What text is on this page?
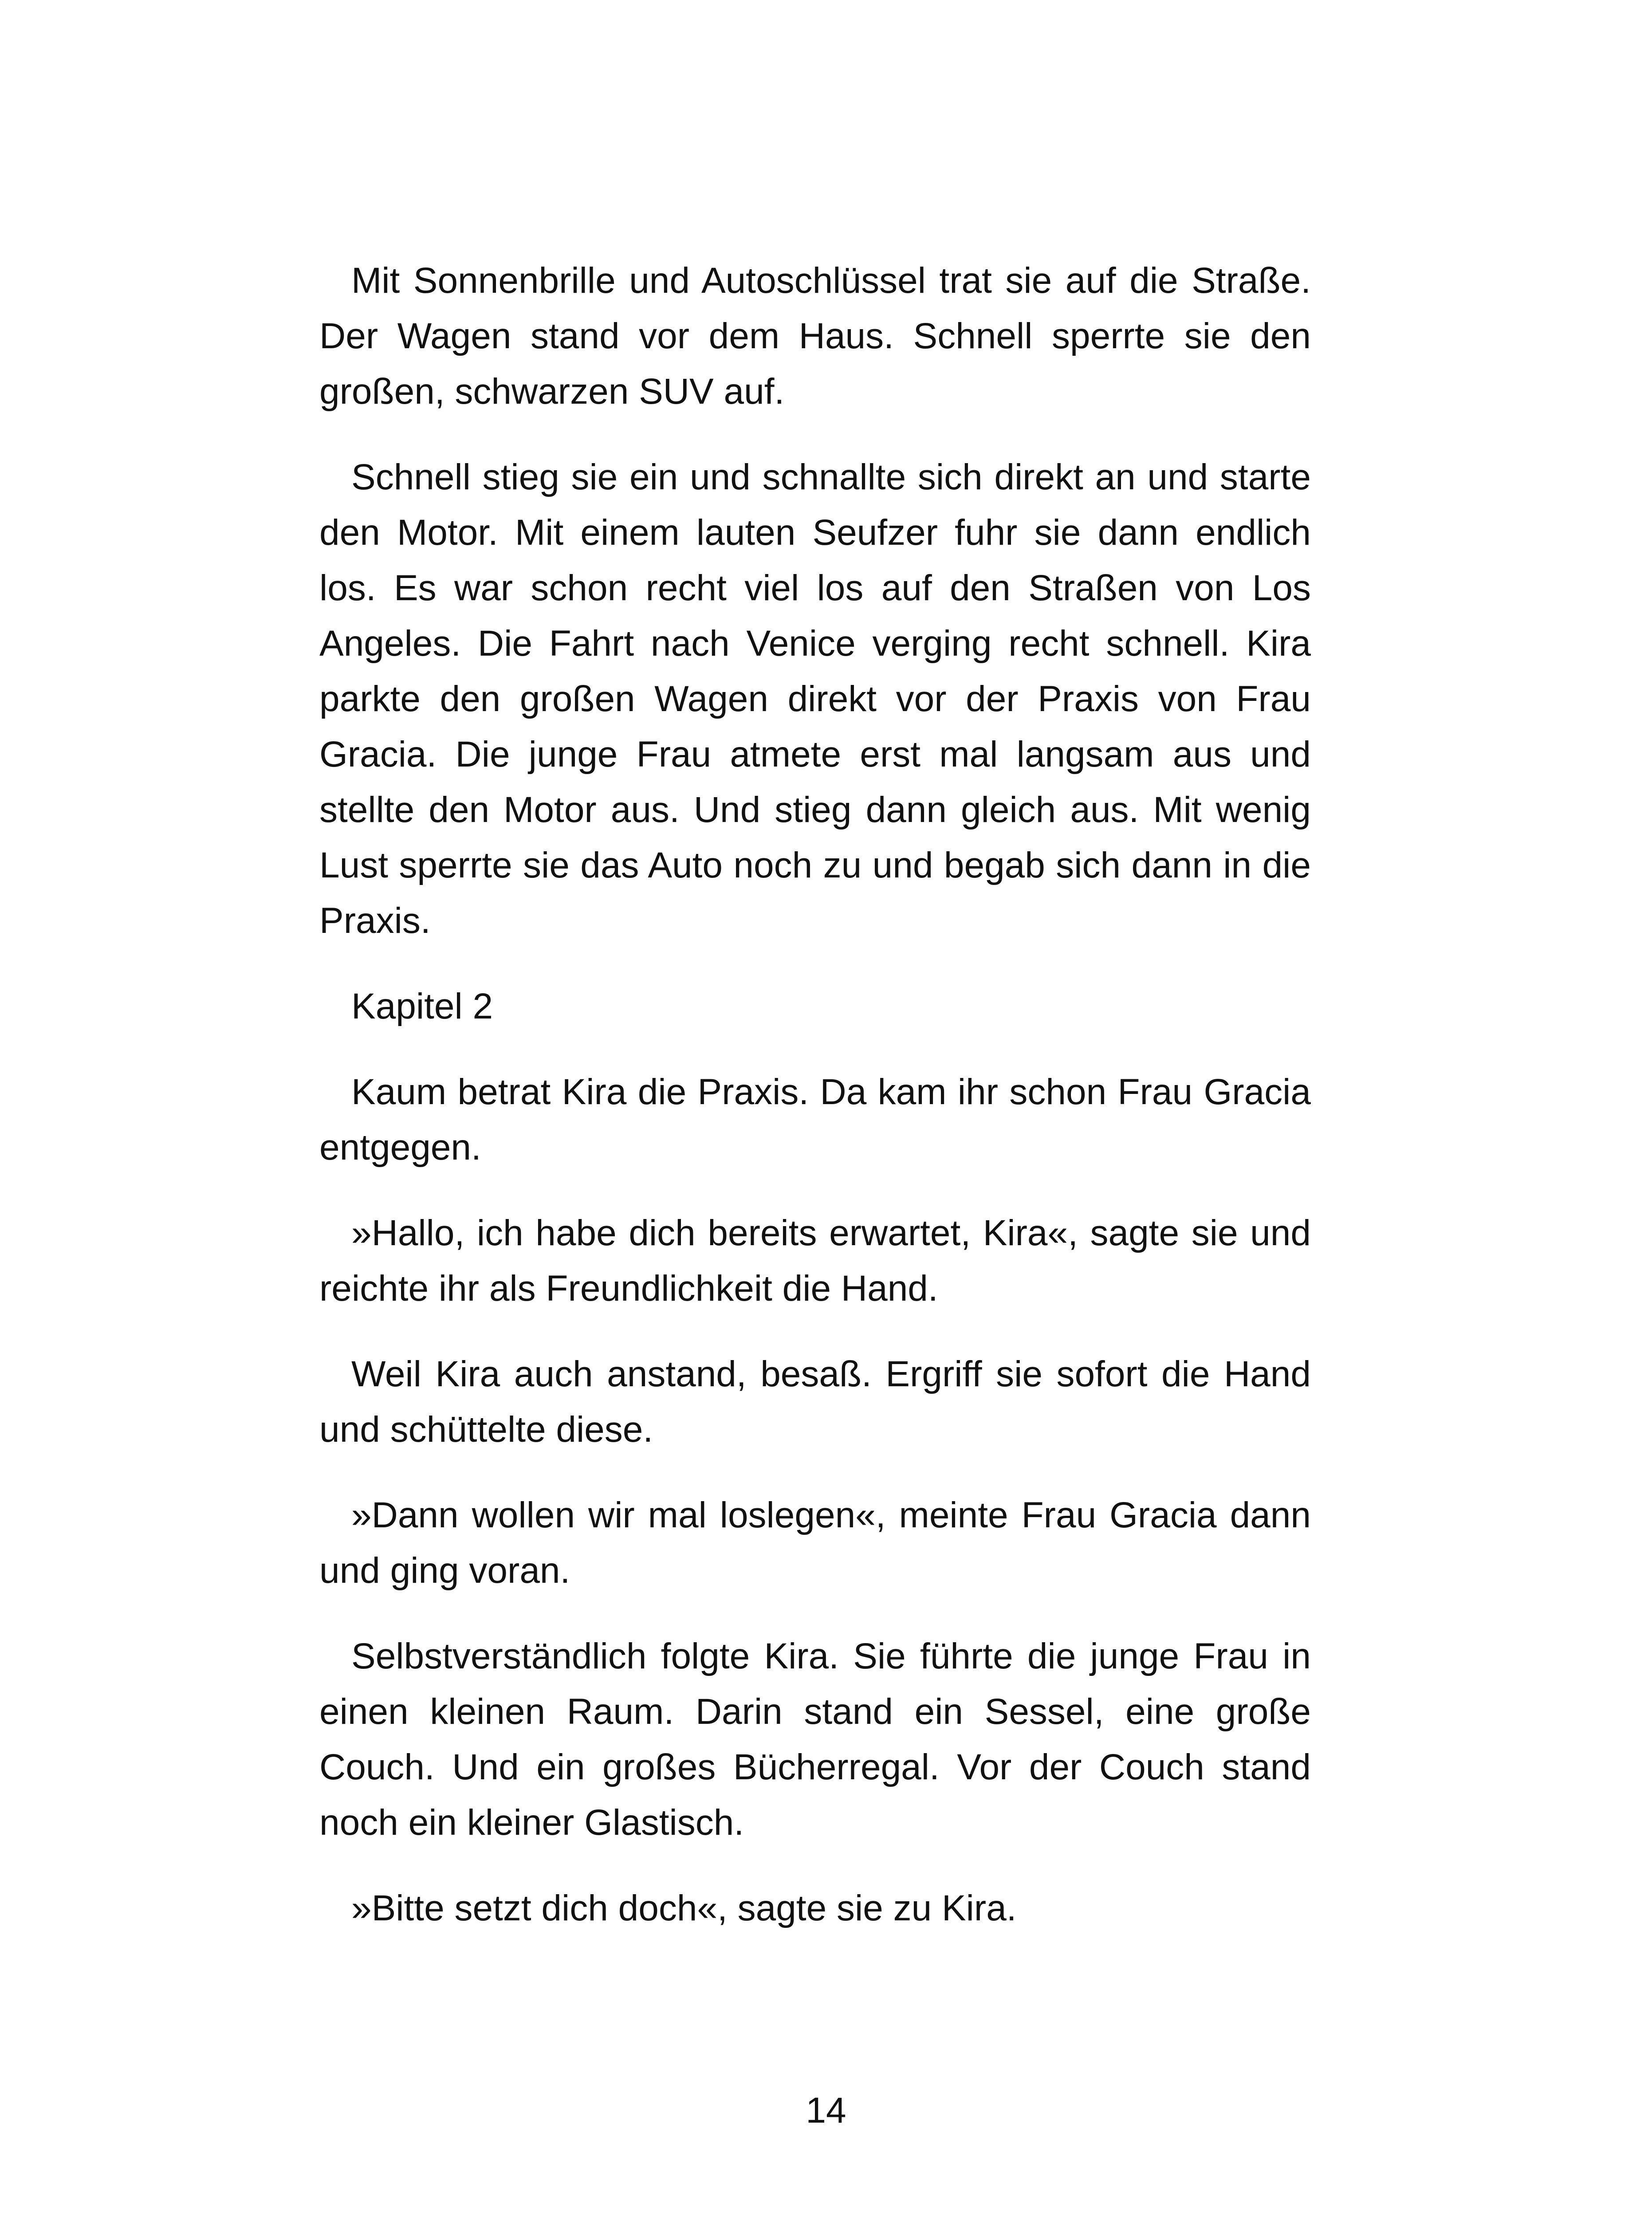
Mit Sonnenbrille und Autoschlüssel trat sie auf die Straße. Der Wagen stand vor dem Haus. Schnell sperrte sie den großen, schwarzen SUV auf.

Schnell stieg sie ein und schnallte sich direkt an und starte den Motor. Mit einem lauten Seufzer fuhr sie dann endlich los. Es war schon recht viel los auf den Straßen von Los Angeles. Die Fahrt nach Venice verging recht schnell. Kira parkte den großen Wagen direkt vor der Praxis von Frau Gracia. Die junge Frau atmete erst mal langsam aus und stellte den Motor aus. Und stieg dann gleich aus. Mit wenig Lust sperrte sie das Auto noch zu und begab sich dann in die Praxis.

Kapitel 2

Kaum betrat Kira die Praxis. Da kam ihr schon Frau Gracia entgegen.

»Hallo, ich habe dich bereits erwartet, Kira«, sagte sie und reichte ihr als Freundlichkeit die Hand.

Weil Kira auch anstand, besaß. Ergriff sie sofort die Hand und schüttelte diese.

»Dann wollen wir mal loslegen«, meinte Frau Gracia dann und ging voran.

Selbstverständlich folgte Kira. Sie führte die junge Frau in einen kleinen Raum. Darin stand ein Sessel, eine große Couch. Und ein großes Bücherregal. Vor der Couch stand noch ein kleiner Glastisch.

»Bitte setzt dich doch«, sagte sie zu Kira.

14
